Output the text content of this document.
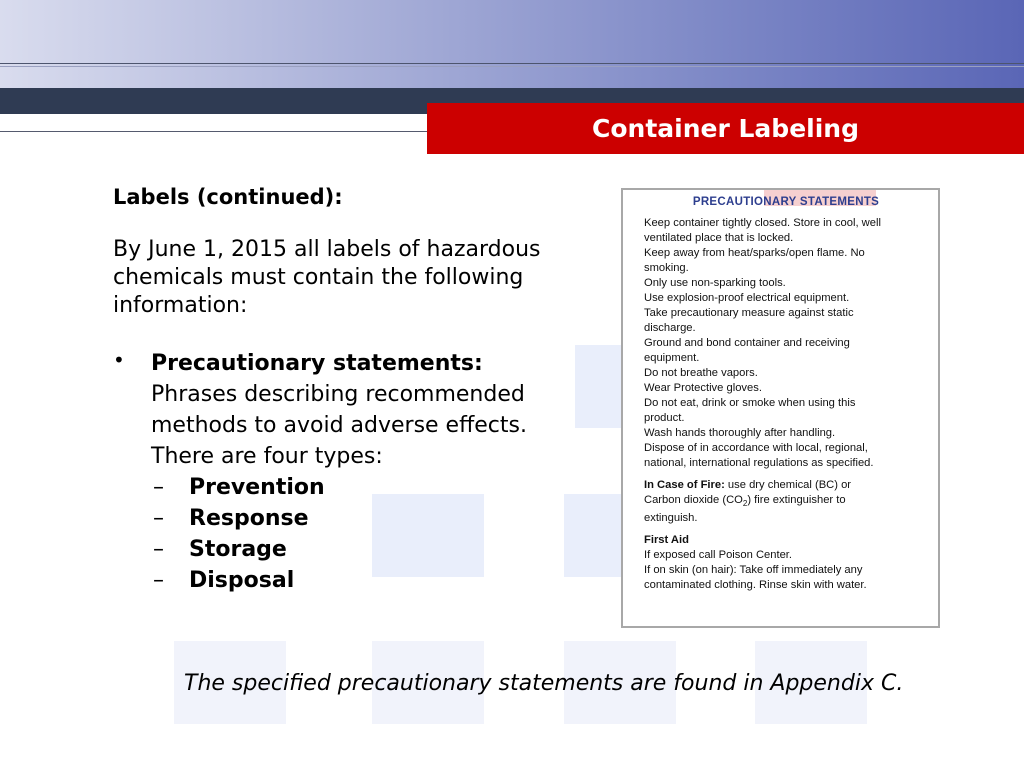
Container Labeling
Labels (continued):
By June 1, 2015 all labels of hazardous chemicals must contain the following information:
• Precautionary statements:
Phrases describing recommended methods to avoid adverse effects. There are four types:
– Prevention
– Response
– Storage
– Disposal
PRECAUTIONARY STATEMENTS

Keep container tightly closed. Store in cool, well

ventilated place that is locked.

Keep away from heat/sparks/open flame. No

smoking.

Only use non-sparking tools.

Use explosion-proof electrical equipment.

Take precautionary measure against static

discharge.

Ground and bond container and receiving

equipment.

Do not breathe vapors.

Wear Protective gloves.

Do not eat, drink or smoke when using this

product.

Wash hands thoroughly after handling.

Dispose of in accordance with local, regional,

national, international regulations as specified.

In Case of Fire: use dry chemical (BC) or

Carbon dioxide $(CO_2)$ fire extinguisher to

extinguish.

First Aid

If exposed call Poison Center.

If on skin (on hair): Take off immediately any

contaminated clothing. Rinse skin with water.

The specified precautionary statements are found in Appendix C.
